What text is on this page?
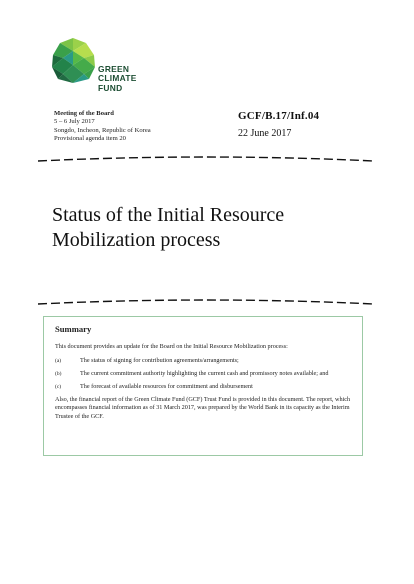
GREEN
CLIMATE
FUND
Meeting of the Board
5 – 6 July 2017
Songdo, Incheon, Republic of Korea
Provisional agenda item 20
GCF/B.17/Inf.04
22 June 2017
Status of the Initial Resource
Mobilization process
Summary

This document provides an update for the Board on the Initial Resource Mobilization process:

(a)	The status of signing for contribution agreements/arrangements;
(b)	The current commitment authority highlighting the current cash and promissory notes available; and
(c)	The forecast of available resources for commitment and disbursement

Also, the financial report of the Green Climate Fund (GCF) Trust Fund is provided in this document. The report, which encompasses financial information as of 31 March 2017, was prepared by the World Bank in its capacity as the Interim Trustee of the GCF.
